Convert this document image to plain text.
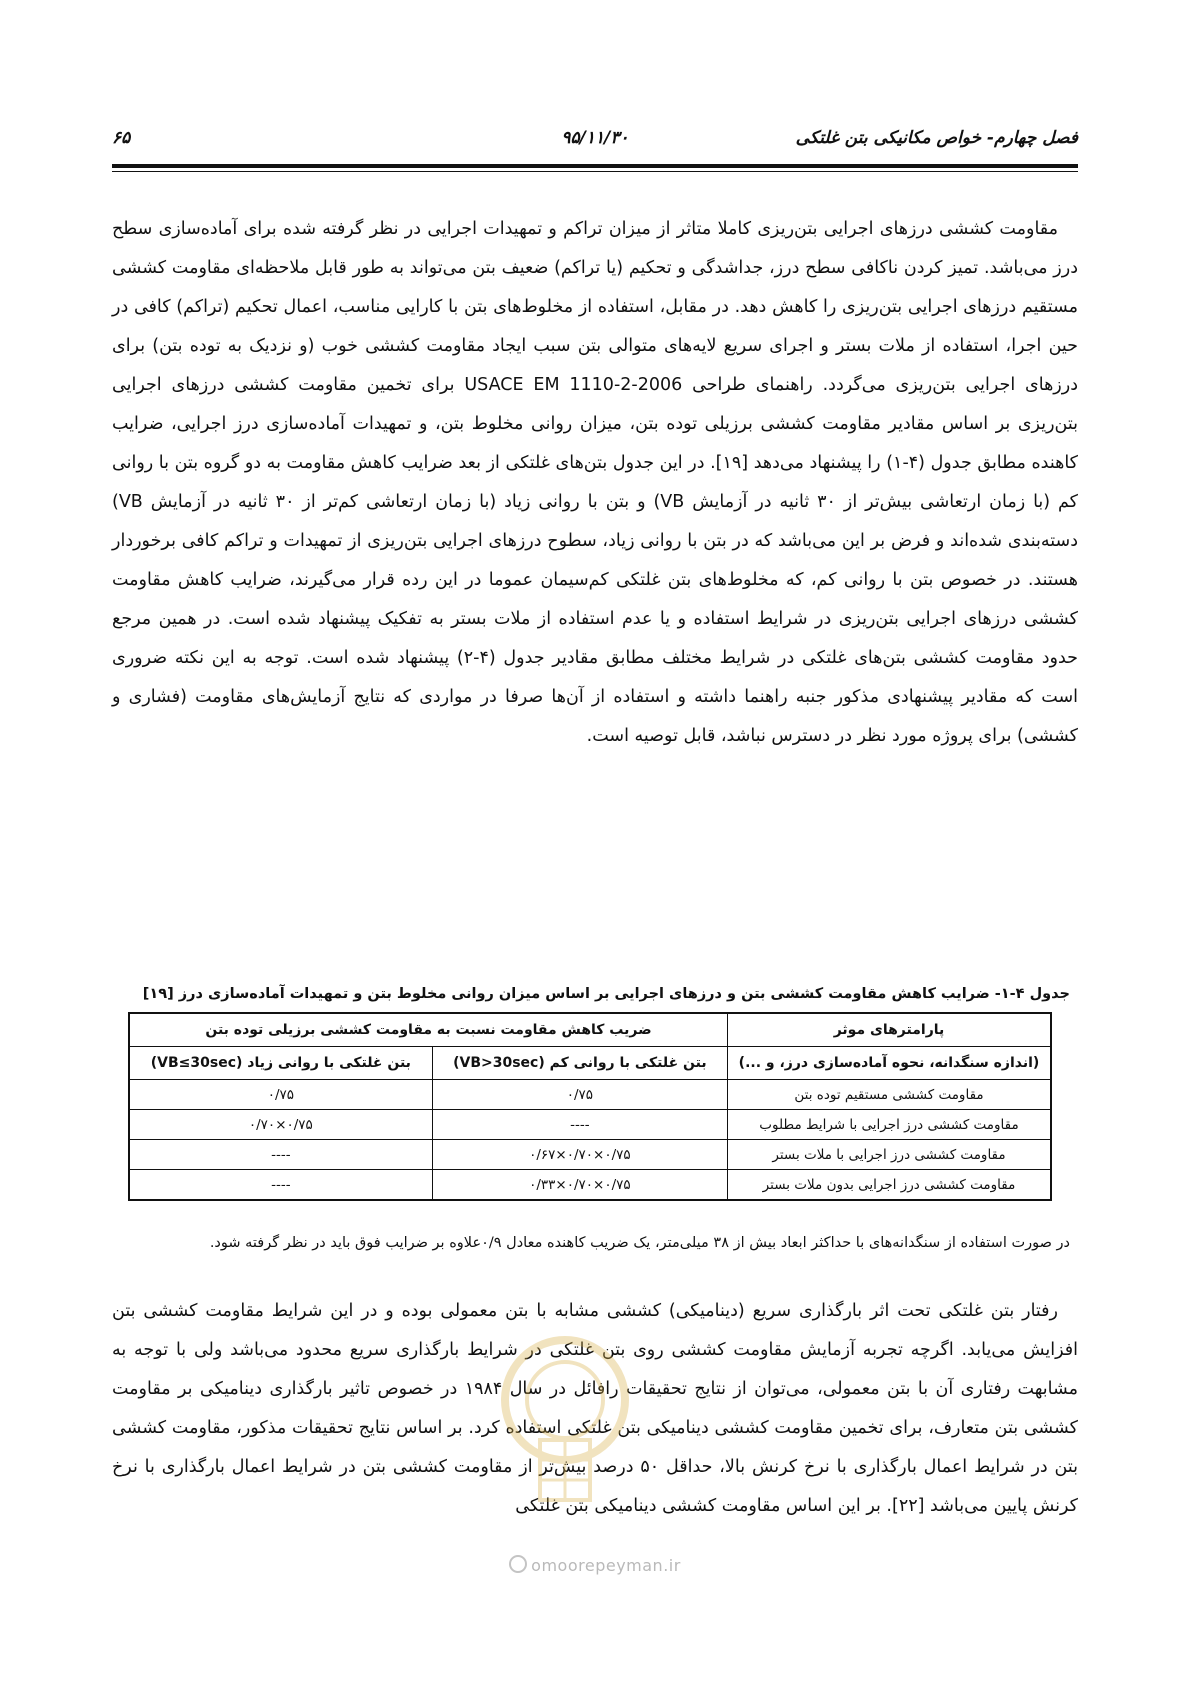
فصل چهارم- خواص مکانیکی بتن غلتکی
۹۵/۱۱/۳۰
۶۵

مقاومت کششی درزهای اجرایی بتن‌ریزی کاملا متاثر از میزان تراکم و تمهیدات اجرایی در نظر گرفته شده برای آماده‌سازی سطح درز می‌باشد. تمیز کردن ناکافی سطح درز، جداشدگی و تحکیم (یا تراکم) ضعیف بتن می‌تواند به طور قابل ملاحظه‌ای مقاومت کششی مستقیم درزهای اجرایی بتن‌ریزی را کاهش دهد. در مقابل، استفاده از مخلوط‌های بتن با کارایی مناسب، اعمال تحکیم (تراکم) کافی در حین اجرا، استفاده از ملات بستر و اجرای سریع لایه‌های متوالی بتن سبب ایجاد مقاومت کششی خوب (و نزدیک به توده بتن) برای درزهای اجرایی بتن‌ریزی می‌گردد. راهنمای طراحی USACE EM 1110-2-2006 برای تخمین مقاومت کششی درزهای اجرایی بتن‌ریزی بر اساس مقادیر مقاومت کششی برزیلی توده بتن، میزان روانی مخلوط بتن، و تمهیدات آماده‌سازی درز اجرایی، ضرایب کاهنده مطابق جدول (۴-۱) را پیشنهاد می‌دهد [۱۹]. در این جدول بتن‌های غلتکی از بعد ضرایب کاهش مقاومت به دو گروه بتن با روانی کم (با زمان ارتعاشی بیش‌تر از ۳۰ ثانیه در آزمایش VB) و بتن با روانی زیاد (با زمان ارتعاشی کم‌تر از ۳۰ ثانیه در آزمایش VB) دسته‌بندی شده‌اند و فرض بر این می‌باشد که در بتن با روانی زیاد، سطوح درزهای اجرایی بتن‌ریزی از تمهیدات و تراکم کافی برخوردار هستند. در خصوص بتن با روانی کم، که مخلوط‌های بتن غلتکی کم‌سیمان عموما در این رده قرار می‌گیرند، ضرایب کاهش مقاومت کششی درزهای اجرایی بتن‌ریزی در شرایط استفاده و یا عدم استفاده از ملات بستر به تفکیک پیشنهاد شده است. در همین مرجع حدود مقاومت کششی بتن‌های غلتکی در شرایط مختلف مطابق مقادیر جدول (۴-۲) پیشنهاد شده است. توجه به این نکته ضروری است که مقادیر پیشنهادی مذکور جنبه راهنما داشته و استفاده از آن‌ها صرفا در مواردی که نتایج آزمایش‌های مقاومت (فشاری و کششی) برای پروژه مورد نظر در دسترس نباشد، قابل توصیه است.

جدول ۴-۱- ضرایب کاهش مقاومت کششی بتن و درزهای اجرایی بر اساس میزان روانی مخلوط بتن و تمهیدات آماده‌سازی درز [۱۹]
پارامترهای موثر	ضریب کاهش مقاومت نسبت به مقاومت کششی برزیلی توده بتن	
(اندازه سنگدانه، نحوه آماده‌سازی درز، و ...)	بتن غلتکی با روانی کم (VB>30sec)	بتن غلتکی با روانی زیاد (VB≤30sec)
مقاومت کششی مستقیم توده بتن	۰/۷۵	۰/۷۵
مقاومت کششی درز اجرایی با شرایط مطلوب	----	۰/۷۵×۰/۷۰
مقاومت کششی درز اجرایی با ملات بستر	۰/۷۵×۰/۷۰×۰/۶۷	----
مقاومت کششی درز اجرایی بدون ملات بستر	۰/۷۵×۰/۷۰×۰/۳۳	----
در صورت استفاده از سنگدانه‌های با حداکثر ابعاد بیش از ۳۸ میلی‌متر، یک ضریب کاهنده معادل ۰/۹علاوه بر ضرایب فوق باید در نظر گرفته شود.

رفتار بتن غلتکی تحت اثر بارگذاری سریع (دینامیکی) کششی مشابه با بتن معمولی بوده و در این شرایط مقاومت کششی بتن افزایش می‌یابد. اگرچه تجربه آزمایش مقاومت کششی روی بتن غلتکی در شرایط بارگذاری سریع محدود می‌باشد ولی با توجه به مشابهت رفتاری آن با بتن معمولی، می‌توان از نتایج تحقیقات رافائل در سال ۱۹۸۴ در خصوص تاثیر بارگذاری دینامیکی بر مقاومت کششی بتن متعارف، برای تخمین مقاومت کششی دینامیکی بتن غلتکی استفاده کرد. بر اساس نتایج تحقیقات مذکور، مقاومت کششی بتن در شرایط اعمال بارگذاری با نرخ کرنش بالا، حداقل ۵۰ درصد بیش‌تر از مقاومت کششی بتن در شرایط اعمال بارگذاری با نرخ کرنش پایین می‌باشد [۲۲]. بر این اساس مقاومت کششی دینامیکی بتن غلتکی

omoorepeyman.ir
